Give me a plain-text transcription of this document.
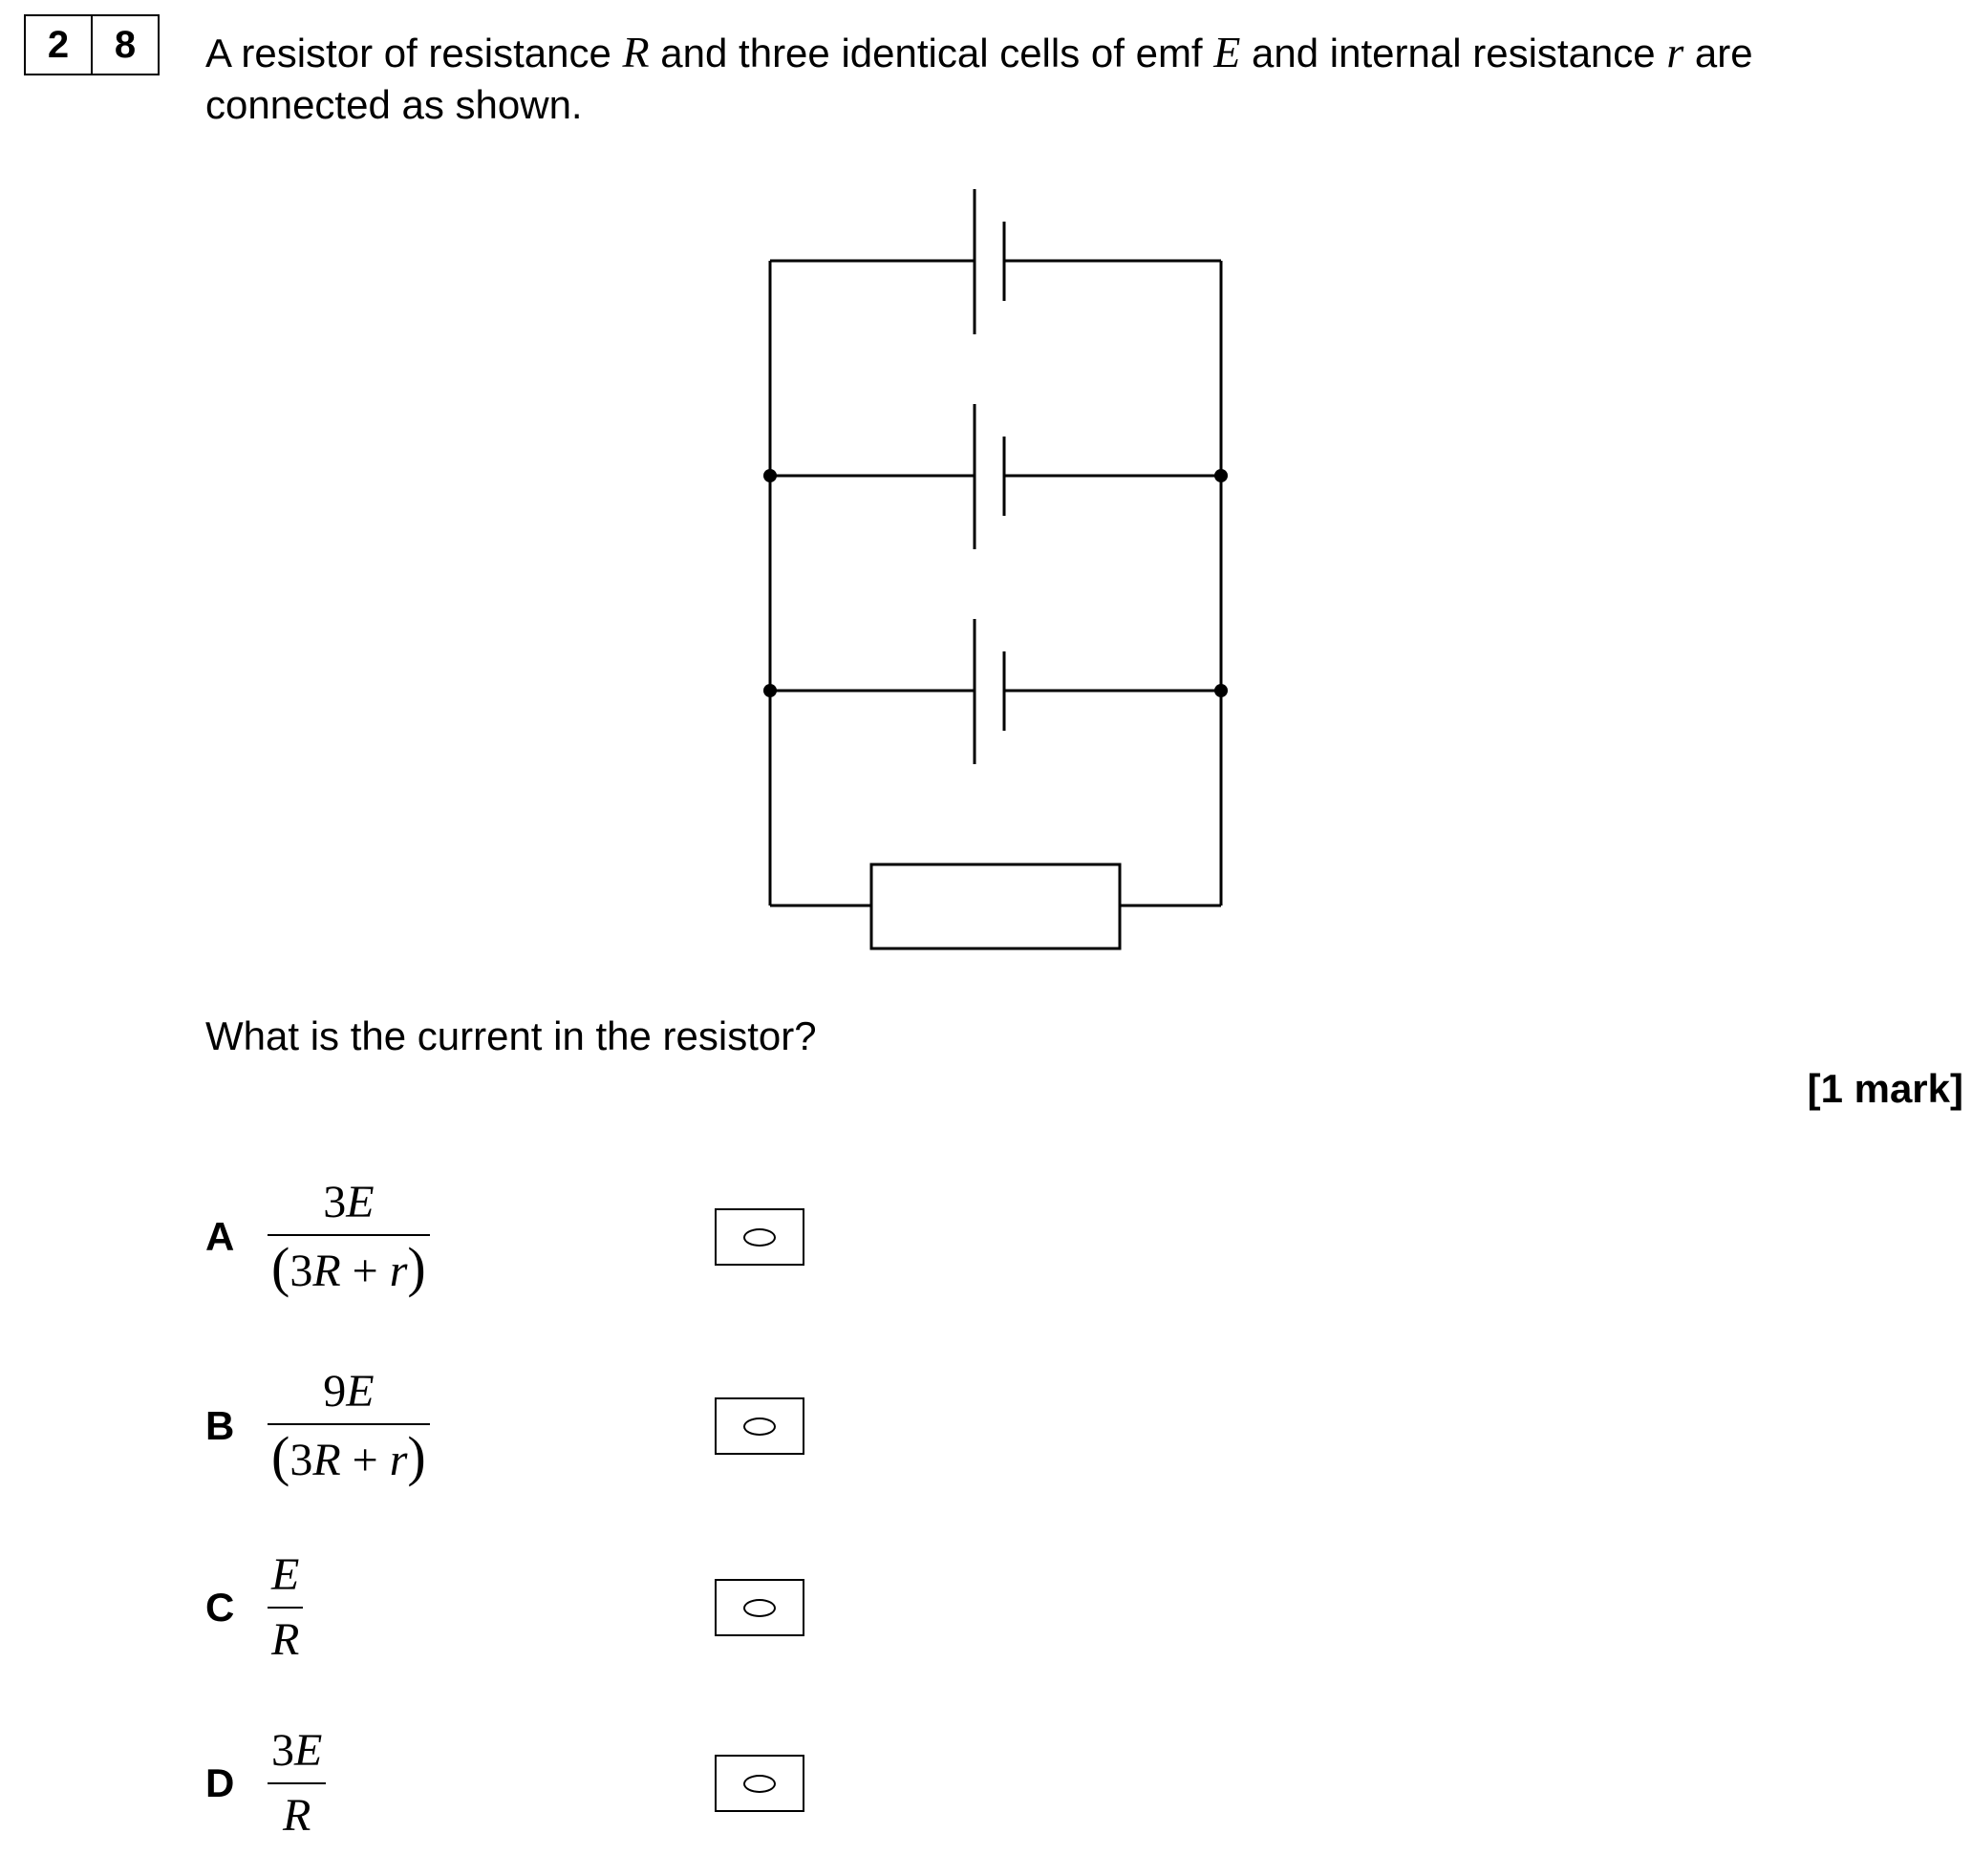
2	8	A resistor of resistance R and three identical cells of emf E and internal resistance r are connected as shown.
What is the current in the resistor?
[1 mark]
A
3E
(3R + r)
B
9E
(3R + r)
C
E
R
D
3E
R
